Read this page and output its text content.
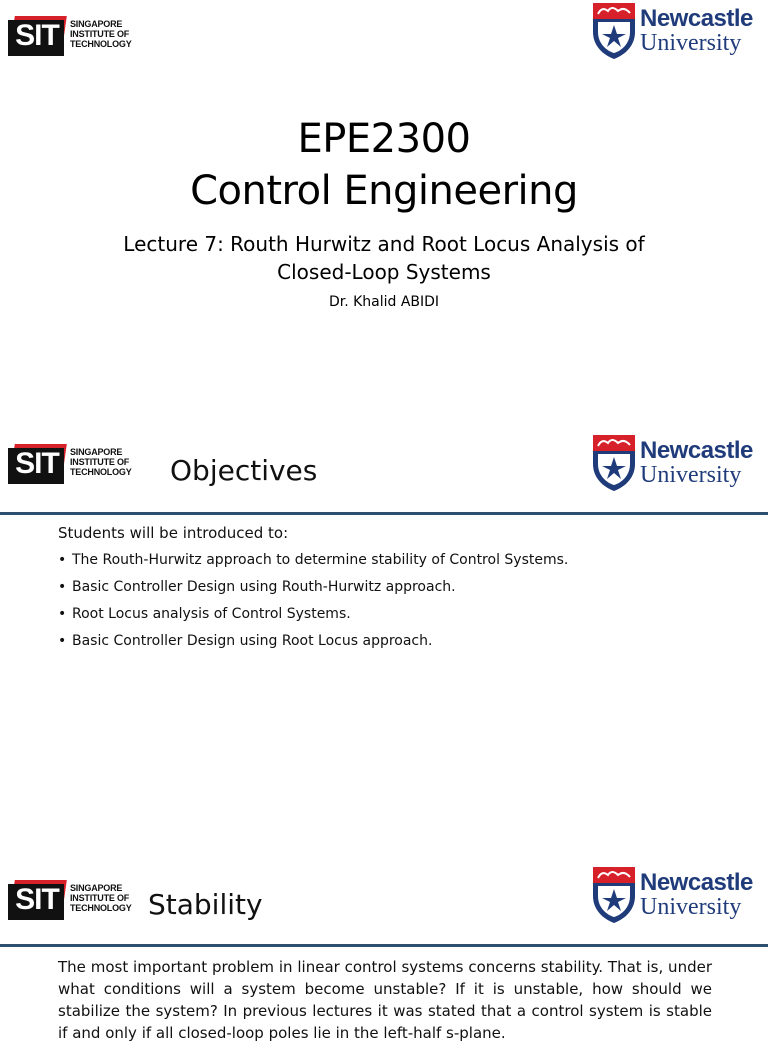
SIT	SINGAPORE
INSTITUTE OF
TECHNOLOGY
Newcastle
University
EPE2300
Control Engineering
Lecture 7: Routh Hurwitz and Root Locus Analysis of
Closed-Loop Systems
Dr. Khalid ABIDI
SIT	SINGAPORE
INSTITUTE OF
TECHNOLOGY Objectives
Newcastle
University
Students will be introduced to:
• The Routh-Hurwitz approach to determine stability of Control Systems.
• Basic Controller Design using Routh-Hurwitz approach.
• Root Locus analysis of Control Systems.
• Basic Controller Design using Root Locus approach.
SIT	SINGAPORE
INSTITUTE OF
TECHNOLOGY Stability
Newcastle
University
The most important problem in linear control systems concerns stability. That is, under what conditions will a system become unstable? If it is unstable, how should we stabilize the system? In previous lectures it was stated that a control system is stable if and only if all closed-loop poles lie in the left-half s-plane.
